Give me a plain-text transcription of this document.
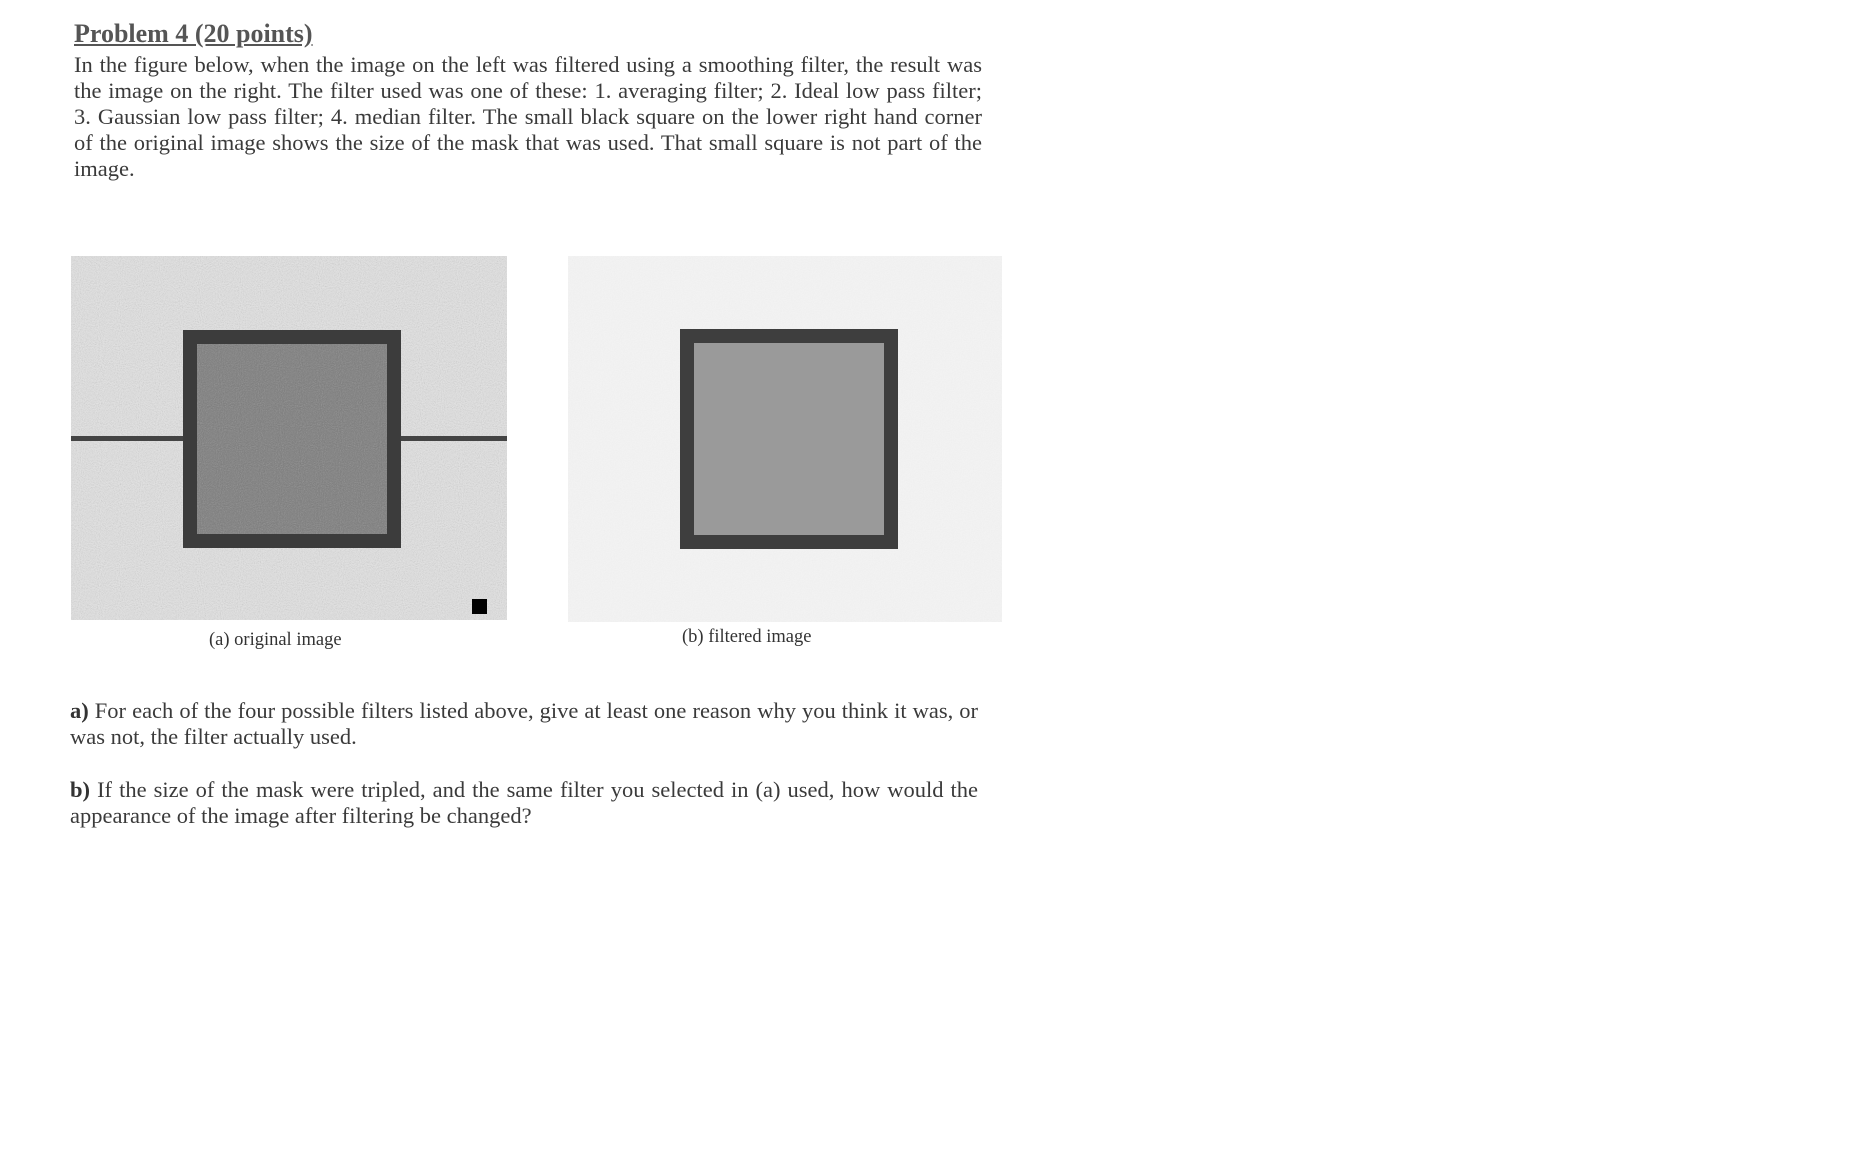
Problem 4 (20 points)

In the figure below, when the image on the left was filtered using a smoothing filter, the result was the image on the right. The filter used was one of these: 1. averaging filter; 2. Ideal low pass filter; 3. Gaussian low pass filter; 4. median filter. The small black square on the lower right hand corner of the original image shows the size of the mask that was used. That small square is not part of the image.

(a) original image	(b) filtered image

a) For each of the four possible filters listed above, give at least one reason why you think it was, or was not, the filter actually used.

b) If the size of the mask were tripled, and the same filter you selected in (a) used, how would the appearance of the image after filtering be changed?
